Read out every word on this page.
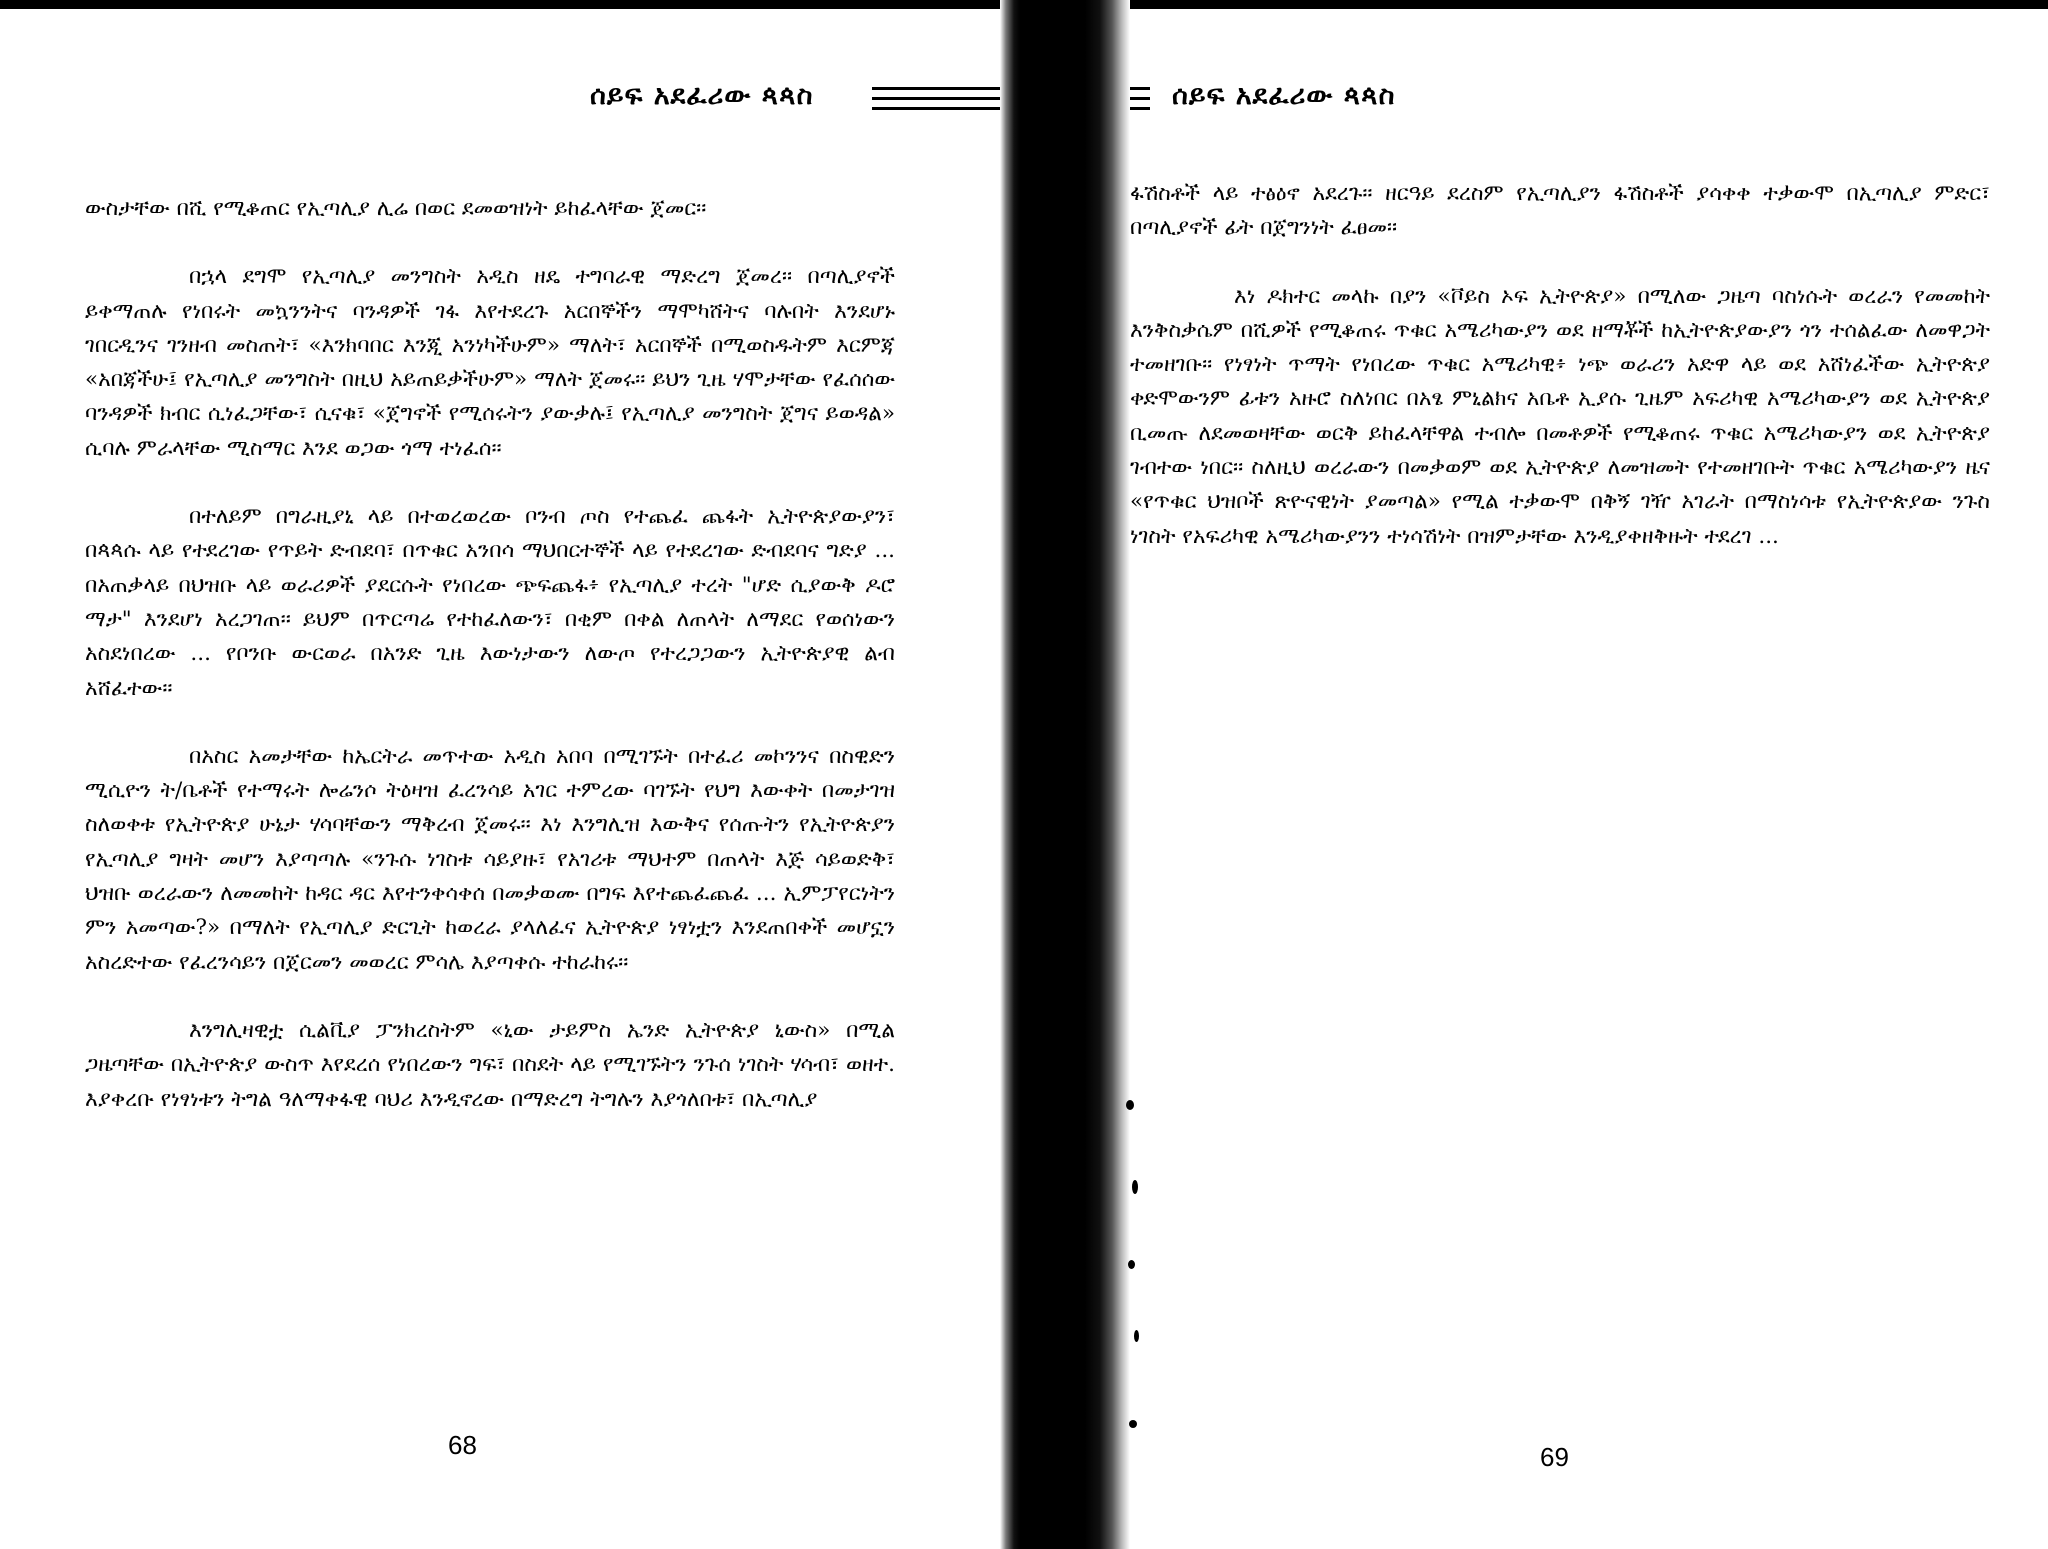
ሰይፍ አደፈሪው ጳጳስ

ውስታቸው በሺ የሚቆጠር የኢጣሊያ ሊሬ በወር ደመወዝነት ይከፈላቸው ጀመር፡፡

በኋላ ደግሞ የኢጣሊያ መንግስት አዲስ ዘዴ ተግባራዊ ማድረግ ጀመረ፡፡ በጣሊያኖች ይቀማጠሉ የነበሩት መኳንንትና ባንዳዎች ገፋ እየተደረጉ አርበኞችን ማሞካሸትና ባሉበት እንደሆኑ ገበርዲንና ገንዘብ መስጠት፣ «እንክባበር እንጂ አንነካችሁም» ማለት፣ አርበኞች በሚወስዱትም እርምጃ «አበጃችሁ፤ የኢጣሊያ መንግስት በዚህ አይጠይቃችሁም» ማለት ጀመሩ፡፡ ይህን ጊዜ ሃሞታቸው የፈሰሰው ባንዳዎች ክብር ሲነፈጋቸው፣ ሲናቁ፣ «ጀግኖች የሚሰሩትን ያውቃሉ፤ የኢጣሊያ መንግስት ጀግና ይወዳል» ሲባሉ ምራላቸው ሚስማር እንደ ወጋው ጎማ ተነፈሰ፡፡

በተለይም በግራዚያኒ ላይ በተወረወረው ቦንብ ጦስ የተጨፈ ጨፋት ኢትዮጵያውያን፣ በጳጳሱ ላይ የተደረገው የጥይት ድብደባ፣ በጥቁር አንበሳ ማህበርተኞች ላይ የተደረገው ድብደባና ግድያ ... በአጠቃላይ በህዝቡ ላይ ወራሪዎች ያደርሱት የነበረው ጭፍጨፋ፥ የኢጣሊያ ተረት "ሆድ ሲያውቅ ዶሮ ማታ" እንደሆነ አረጋገጠ፡፡ ይህም በጥርጣሬ የተከፈለውን፣ በቂም በቀል ለጠላት ለማደር የወሰነውን አስደነበረው ... የቦንቡ ውርወራ በአንድ ጊዜ እውነታውን ለውጦ የተረጋጋውን ኢትዮጵያዊ ልብ አሸፈተው፡፡

በአስር አመታቸው ከኤርትራ መጥተው አዲስ አበባ በሚገኙት በተፈሪ መኮንንና በስዊድን ሚሲዮን ት/ቤቶች የተማሩት ሎሬንሶ ትዕዛዝ ፈረንሳይ አገር ተምረው ባገኙት የህግ እውቀት በመታገዝ ስለወቀቱ የኢትዮጵያ ሁኔታ ሃሳባቸውን ማቅረብ ጀመሩ፡፡ እነ እንግሊዝ እውቅና የሰጡትን የኢትዮጵያን የኢጣሊያ ግዛት መሆን እያጣጣሉ «ንጉሱ ነገስቱ ሳይያዙ፣ የአገሪቱ ማህተም በጠላት እጅ ሳይወድቅ፣ ህዝቡ ወረራውን ለመመከት ከዳር ዳር እየተንቀሳቀሰ በመቃወሙ በግፍ እየተጨፈጨፈ ... ኢምፓየርነትን ምን አመጣው?» በማለት የኢጣሊያ ድርጊት ከወረራ ያላለፈና ኢትዮጵያ ነፃነቷን እንደጠበቀች መሆኗን አስረድተው የፈረንሳይን በጀርመን መወረር ምሳሌ እያጣቀሱ ተከራከሩ፡፡

እንግሊዛዊቷ ሲልቪያ ፓንክረስትም «ኒው ታይምስ ኤንድ ኢትዮጵያ ኒውስ» በሚል ጋዜጣቸው በኢትዮጵያ ውስጥ እየደረሰ የነበረውን ግፍ፣ በስደት ላይ የሚገኙትን ንጉሰ ነገስት ሃሳብ፣ ወዘተ. እያቀረቡ የነፃነቱን ትግል ዓለማቀፋዊ ባህሪ እንዲኖረው በማድረግ ትግሉን እያጎለበቱ፣ በኢጣሊያ

68
ሰይፍ አደፈሪው ጳጳስ

ፋሽስቶች ላይ ተፅዕኖ አደረጉ፡፡ ዘርዓይ ደረስም የኢጣሊያን ፋሽስቶች ያሳቀቀ ተቃውሞ በኢጣሊያ ምድር፣ በጣሊያኖች ፊት በጀግንነት ፈፀመ፡፡

እነ ዶክተር መላኩ በያን «ቮይስ ኦፍ ኢትዮጵያ» በሚለው ጋዜጣ ባስነሱት ወረራን የመመከት እንቅስቃሴም በሺዎች የሚቆጠሩ ጥቁር አሜሪካውያን ወደ ዘማቾች ከኢትዮጵያውያን ጎን ተሰልፈው ለመዋጋት ተመዘገቡ፡፡ የነፃነት ጥማት የነበረው ጥቁር አሜሪካዊ፥ ነጭ ወራሪን አድዋ ላይ ወደ አሸነፈችው ኢትዮጵያ ቀድሞውንም ፊቱን አዙሮ ስለነበር በአፄ ምኒልክና አቤቶ ኢያሱ ጊዜም አፍሪካዊ አሜሪካውያን ወደ ኢትዮጵያ ቢመጡ ለደመወዛቸው ወርቅ ይከፈላቸዋል ተብሎ በመቶዎች የሚቆጠሩ ጥቁር አሜሪካውያን ወደ ኢትዮጵያ ገብተው ነበር፡፡ ስለዚህ ወረራውን በመቃወም ወደ ኢትዮጵያ ለመዝመት የተመዘገቡት ጥቁር አሜሪካውያን ዜና «የጥቁር ህዝቦች ጽዮናዊነት ያመጣል» የሚል ተቃውሞ በቅኝ ገዥ አገራት በማስነሳቱ የኢትዮጵያው ንጉስ ነገስት የአፍሪካዊ አሜሪካውያንን ተነሳሽነት በዝምታቸው እንዲያቀዘቅዙት ተደረገ ...

69
